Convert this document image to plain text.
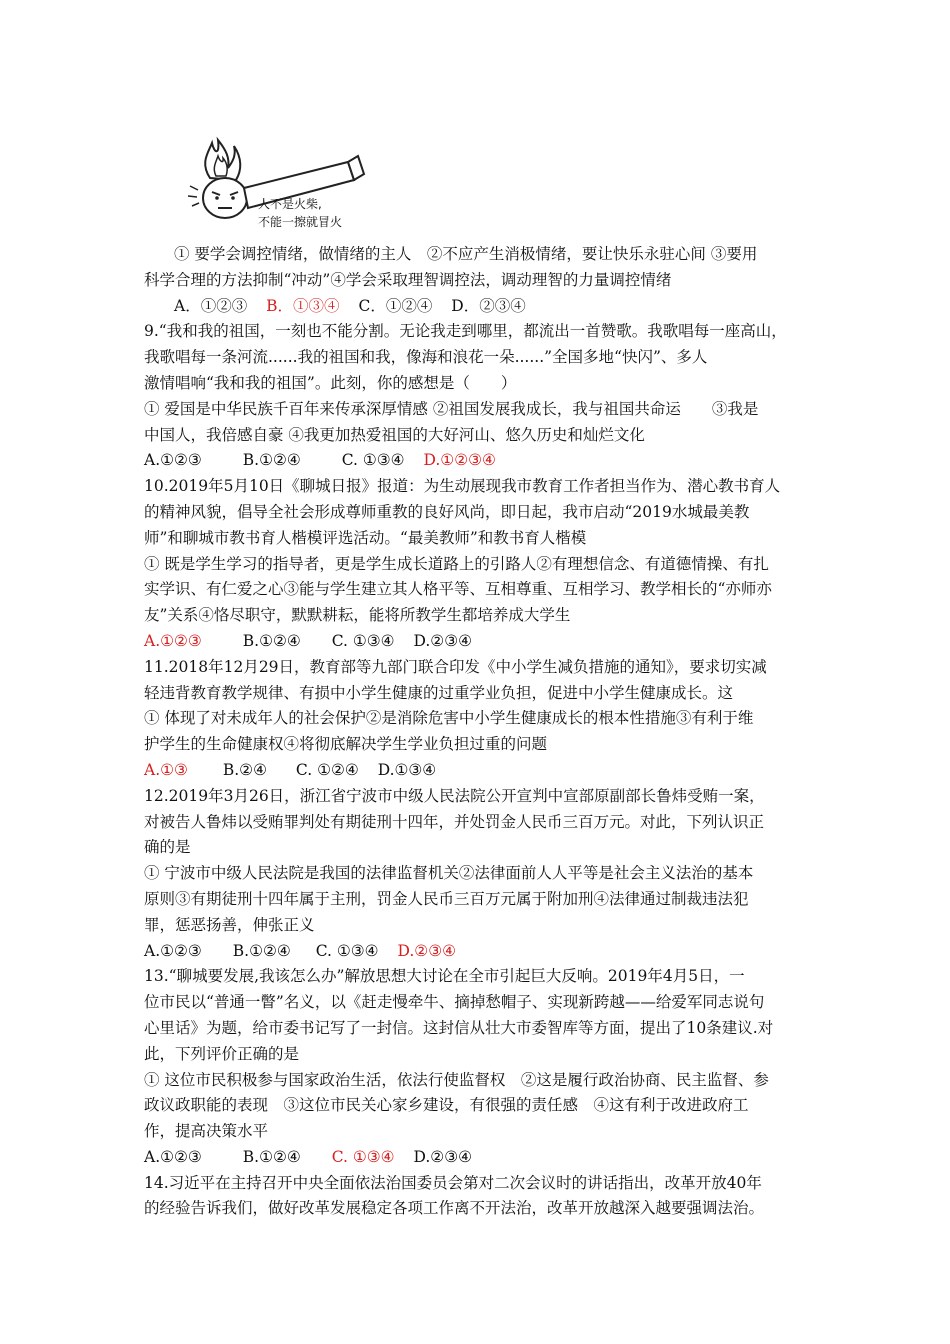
人不是火柴,
不能一擦就冒火
① 要学会调控情绪，做情绪的主人　②不应产生消极情绪，要让快乐永驻心间 ③要用
科学合理的方法抑制“冲动”④学会采取理智调控法，调动理智的力量调控情绪
A．①②③ B．①③④ C．①②④ D．②③④
9.“我和我的祖国，一刻也不能分割。无论我走到哪里，都流出一首赞歌。我歌唱每一座高山，
我歌唱每一条河流......我的祖国和我，像海和浪花一朵......”全国多地“快闪”、多人
激情唱响“我和我的祖国”。此刻，你的感想是（　　）
① 爱国是中华民族千百年来传承深厚情感 ②祖国发展我成长，我与祖国共命运　　③我是
中国人，我倍感自豪 ④我更加热爱祖国的大好河山、悠久历史和灿烂文化
A.①②③	B.①②④	C. ①③④ D.①②③④
10.2019年5月10日《聊城日报》报道：为生动展现我市教育工作者担当作为、潜心教书育人
的精神风貌，倡导全社会形成尊师重教的良好风尚，即日起，我市启动“2019水城最美教
师”和聊城市教书育人楷模评选活动。“最美教师”和教书育人楷模
① 既是学生学习的指导者，更是学生成长道路上的引路人②有理想信念、有道德情操、有扎
实学识、有仁爱之心③能与学生建立其人格平等、互相尊重、互相学习、教学相长的“亦师亦
友”关系④恪尽职守，默默耕耘，能将所教学生都培养成大学生
A.①②③	B.①②④ C. ①③④ D.②③④
11.2018年12月29日，教育部等九部门联合印发《中小学生减负措施的通知》，要求切实减
轻违背教育教学规律、有损中小学生健康的过重学业负担，促进中小学生健康成长。这
① 体现了对未成年人的社会保护②是消除危害中小学生健康成长的根本性措施③有利于维
护学生的生命健康权④将彻底解决学生学业负担过重的问题
A.①③ B.②④ C. ①②④ D.①③④
12.2019年3月26日，浙江省宁波市中级人民法院公开宣判中宣部原副部长鲁炜受贿一案，
对被告人鲁炜以受贿罪判处有期徒刑十四年，并处罚金人民币三百万元。对此，下列认识正
确的是
① 宁波市中级人民法院是我国的法律监督机关②法律面前人人平等是社会主义法治的基本
原则③有期徒刑十四年属于主刑，罚金人民币三百万元属于附加刑④法律通过制裁违法犯
罪，惩恶扬善，伸张正义
A.①②③ B.①②④ C. ①③④ D.②③④
13.“聊城要发展,我该怎么办”解放思想大讨论在全市引起巨大反响。2019年4月5日，一
位市民以“普通一瞥”名义，以《赶走慢牵牛、摘掉愁帽子、实现新跨越——给爱军同志说句
心里话》为题，给市委书记写了一封信。这封信从壮大市委智库等方面，提出了10条建议.对
此，下列评价正确的是
① 这位市民积极参与国家政治生活，依法行使监督权　②这是履行政治协商、民主监督、参
政议政职能的表现　③这位市民关心家乡建设，有很强的责任感　④这有利于改进政府工
作，提高决策水平
A.①②③	B.①②④ C. ①③④ D.②③④
14.习近平在主持召开中央全面依法治国委员会第对二次会议时的讲话指出，改革开放40年
的经验告诉我们，做好改革发展稳定各项工作离不开法治，改革开放越深入越要强调法治。
